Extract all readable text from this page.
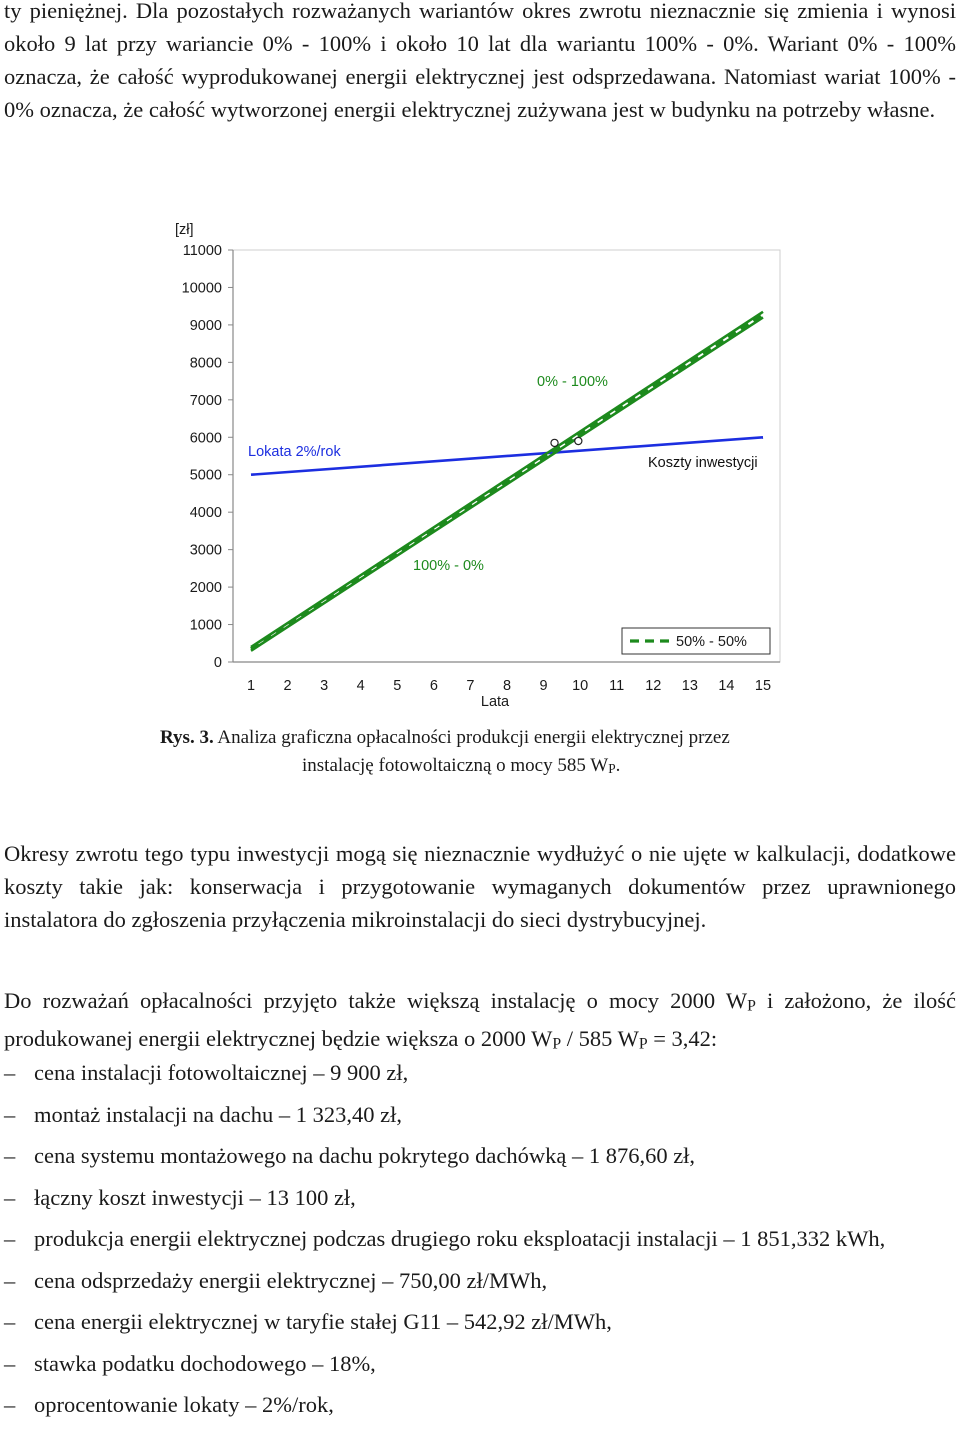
ty pieniężnej. Dla pozostałych rozważanych wariantów okres zwrotu nieznacznie się zmienia i wynosi około 9 lat przy wariancie 0% - 100% i około 10 lat dla wariantu 100% - 0%. Wariant 0% - 100% oznacza, że całość wyprodukowanej energii elektrycznej jest odsprzedawana. Natomiast wariat 100% - 0% oznacza, że całość wytworzonej energii elektrycznej zużywana jest w budynku na potrzeby własne.

0
1000
2000
3000
4000
5000
6000
7000
8000
9000
10000
11000
1 2 3 4 5 6 7 8 9 10 11 12 13 14 15
[zł]
Lata
Lokata 2%/rok
0% - 100%
100% - 0%
Koszty inwestycji
50% - 50%
Rys. 3. Analiza graficzna opłacalności produkcji energii elektrycznej przez
instalację fotowoltaiczną o mocy 585 WP.

Okresy zwrotu tego typu inwestycji mogą się nieznacznie wydłużyć o nie ujęte w kalkulacji, dodatkowe koszty takie jak: konserwacja i przygotowanie wymaganych dokumentów przez uprawnionego instalatora do zgłoszenia przyłączenia mikroinstalacji do sieci dystrybucyjnej.

Do rozważań opłacalności przyjęto także większą instalację o mocy 2000 WP i założono, że ilość produkowanej energii elektrycznej będzie większa o 2000 WP / 585 WP = 3,42:

– cena instalacji fotowoltaicznej – 9 900 zł,
– montaż instalacji na dachu – 1 323,40 zł,
– cena systemu montażowego na dachu pokrytego dachówką – 1 876,60 zł,
– łączny koszt inwestycji – 13 100 zł,
– produkcja energii elektrycznej podczas drugiego roku eksploatacji instalacji – 1 851,332 kWh,
– cena odsprzedaży energii elektrycznej – 750,00 zł/MWh,
– cena energii elektrycznej w taryfie stałej G11 – 542,92 zł/MWh,
– stawka podatku dochodowego – 18%,
– oprocentowanie lokaty – 2%/rok,
